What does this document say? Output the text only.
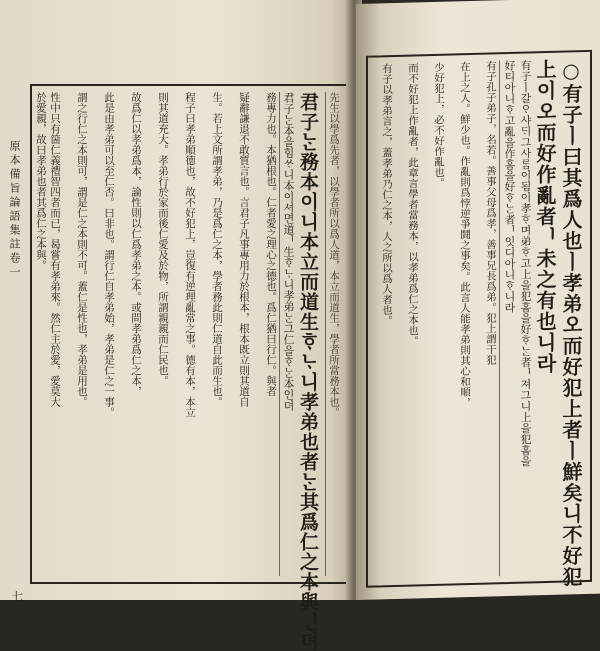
原本備旨論語集註卷一
七
先生以學爲先者，以學者所以爲人道，本立而道生，學者所當務本也。
君子ᄂᆞᆫ務本이니本立而道生ᄒᆞᄂᆞ니孝弟也者ᄂᆞᆫ其爲仁之本與ᅟᅵᆫ뎌
君子ᄂᆞᆫ本을힘ᄊᆞ니本이셔면道ᅵ生ᄒᆞᄂᆞ니孝弟ᄂᆞᆫ그仁을ᄒᆞᄂᆞᆫ本인뎌
務專力也。本猶根也。仁者愛之理心之德也。爲仁猶曰行仁。與者
疑辭謙退不敢質言也。言君子凡事專用力於根本，根本既立則其道自
生。若上文所謂孝弟，乃是爲仁之本，學者務此則仁道自此而生也。
程子曰孝弟順德也，故不好犯上，豈復有逆理亂常之事。德有本，本立
則其道充大。孝弟行於家而後仁愛及於物，所謂親親而仁民也。
故爲仁以孝弟爲本，論性則以仁爲孝弟之本。或問孝弟爲仁之本，
此是由孝弟可以至仁否。曰非也。謂行仁自孝弟始，孝弟是仁之一事。
謂之行仁之本則可，謂是仁之本則不可。蓋仁是性也，孝弟是用也。
性中只有箇仁義禮智四者而已，曷嘗有孝弟來。然仁主於愛，愛莫大
於愛親，故曰孝弟也者其爲仁之本與。	○有子ㅣ曰其爲人也ㅣ孝弟오而好犯上者ㅣ鮮矣니不好犯
上이오而好作亂者ᅵ未之有也니라
有子ㅣ갈ᄋᆞ샤ᄃᆡ그사ᄅᆞᆷ이됨이孝ᄒᆞ며弟ᄒᆞ고上을犯홈을好ᄒᆞᄂᆞᆫ者ᅵ져그니上을犯홈을
好티아니ᄒᆞ고亂을作홈을好ᄒᆞᄂᆞᆫ者ᅵ잇디아니ᄒᆞ니라
有子孔子弟子，名若。善事父母爲孝，善事兄長爲弟。犯上謂干犯
在上之人。鮮少也。作亂則爲悖逆爭鬪之事矣。此言人能孝弟則其心和順，
少好犯上，必不好作亂也。
而不好犯上作亂者，此章言學者當務本，以孝弟爲仁之本也。
有子以孝弟言之，蓋孝弟乃仁之本，人之所以爲人者也。
